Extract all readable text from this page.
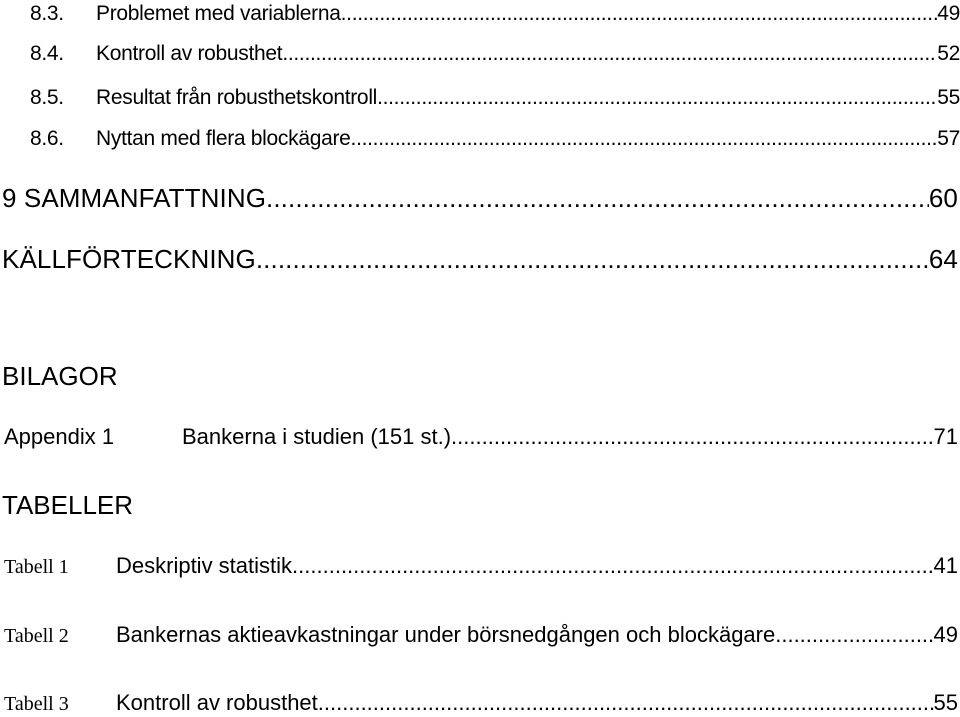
8.3.	Problemet med variablerna .....	49
8.4.	Kontroll av robusthet .....	52
8.5.	Resultat från robusthetskontroll .....	55
8.6.	Nyttan med flera blockägare .....	57
9 SAMMANFATTNING .....	60
KÄLLFÖRTECKNING .....	64
BILAGOR
Appendix 1	Bankerna i studien (151 st.) .....	71
TABELLER
Tabell 1	Deskriptiv statistik .....	41
Tabell 2	Bankernas aktieavkastningar under börsnedgången och blockägare .....	49
Tabell 3	Kontroll av robusthet .....	55
